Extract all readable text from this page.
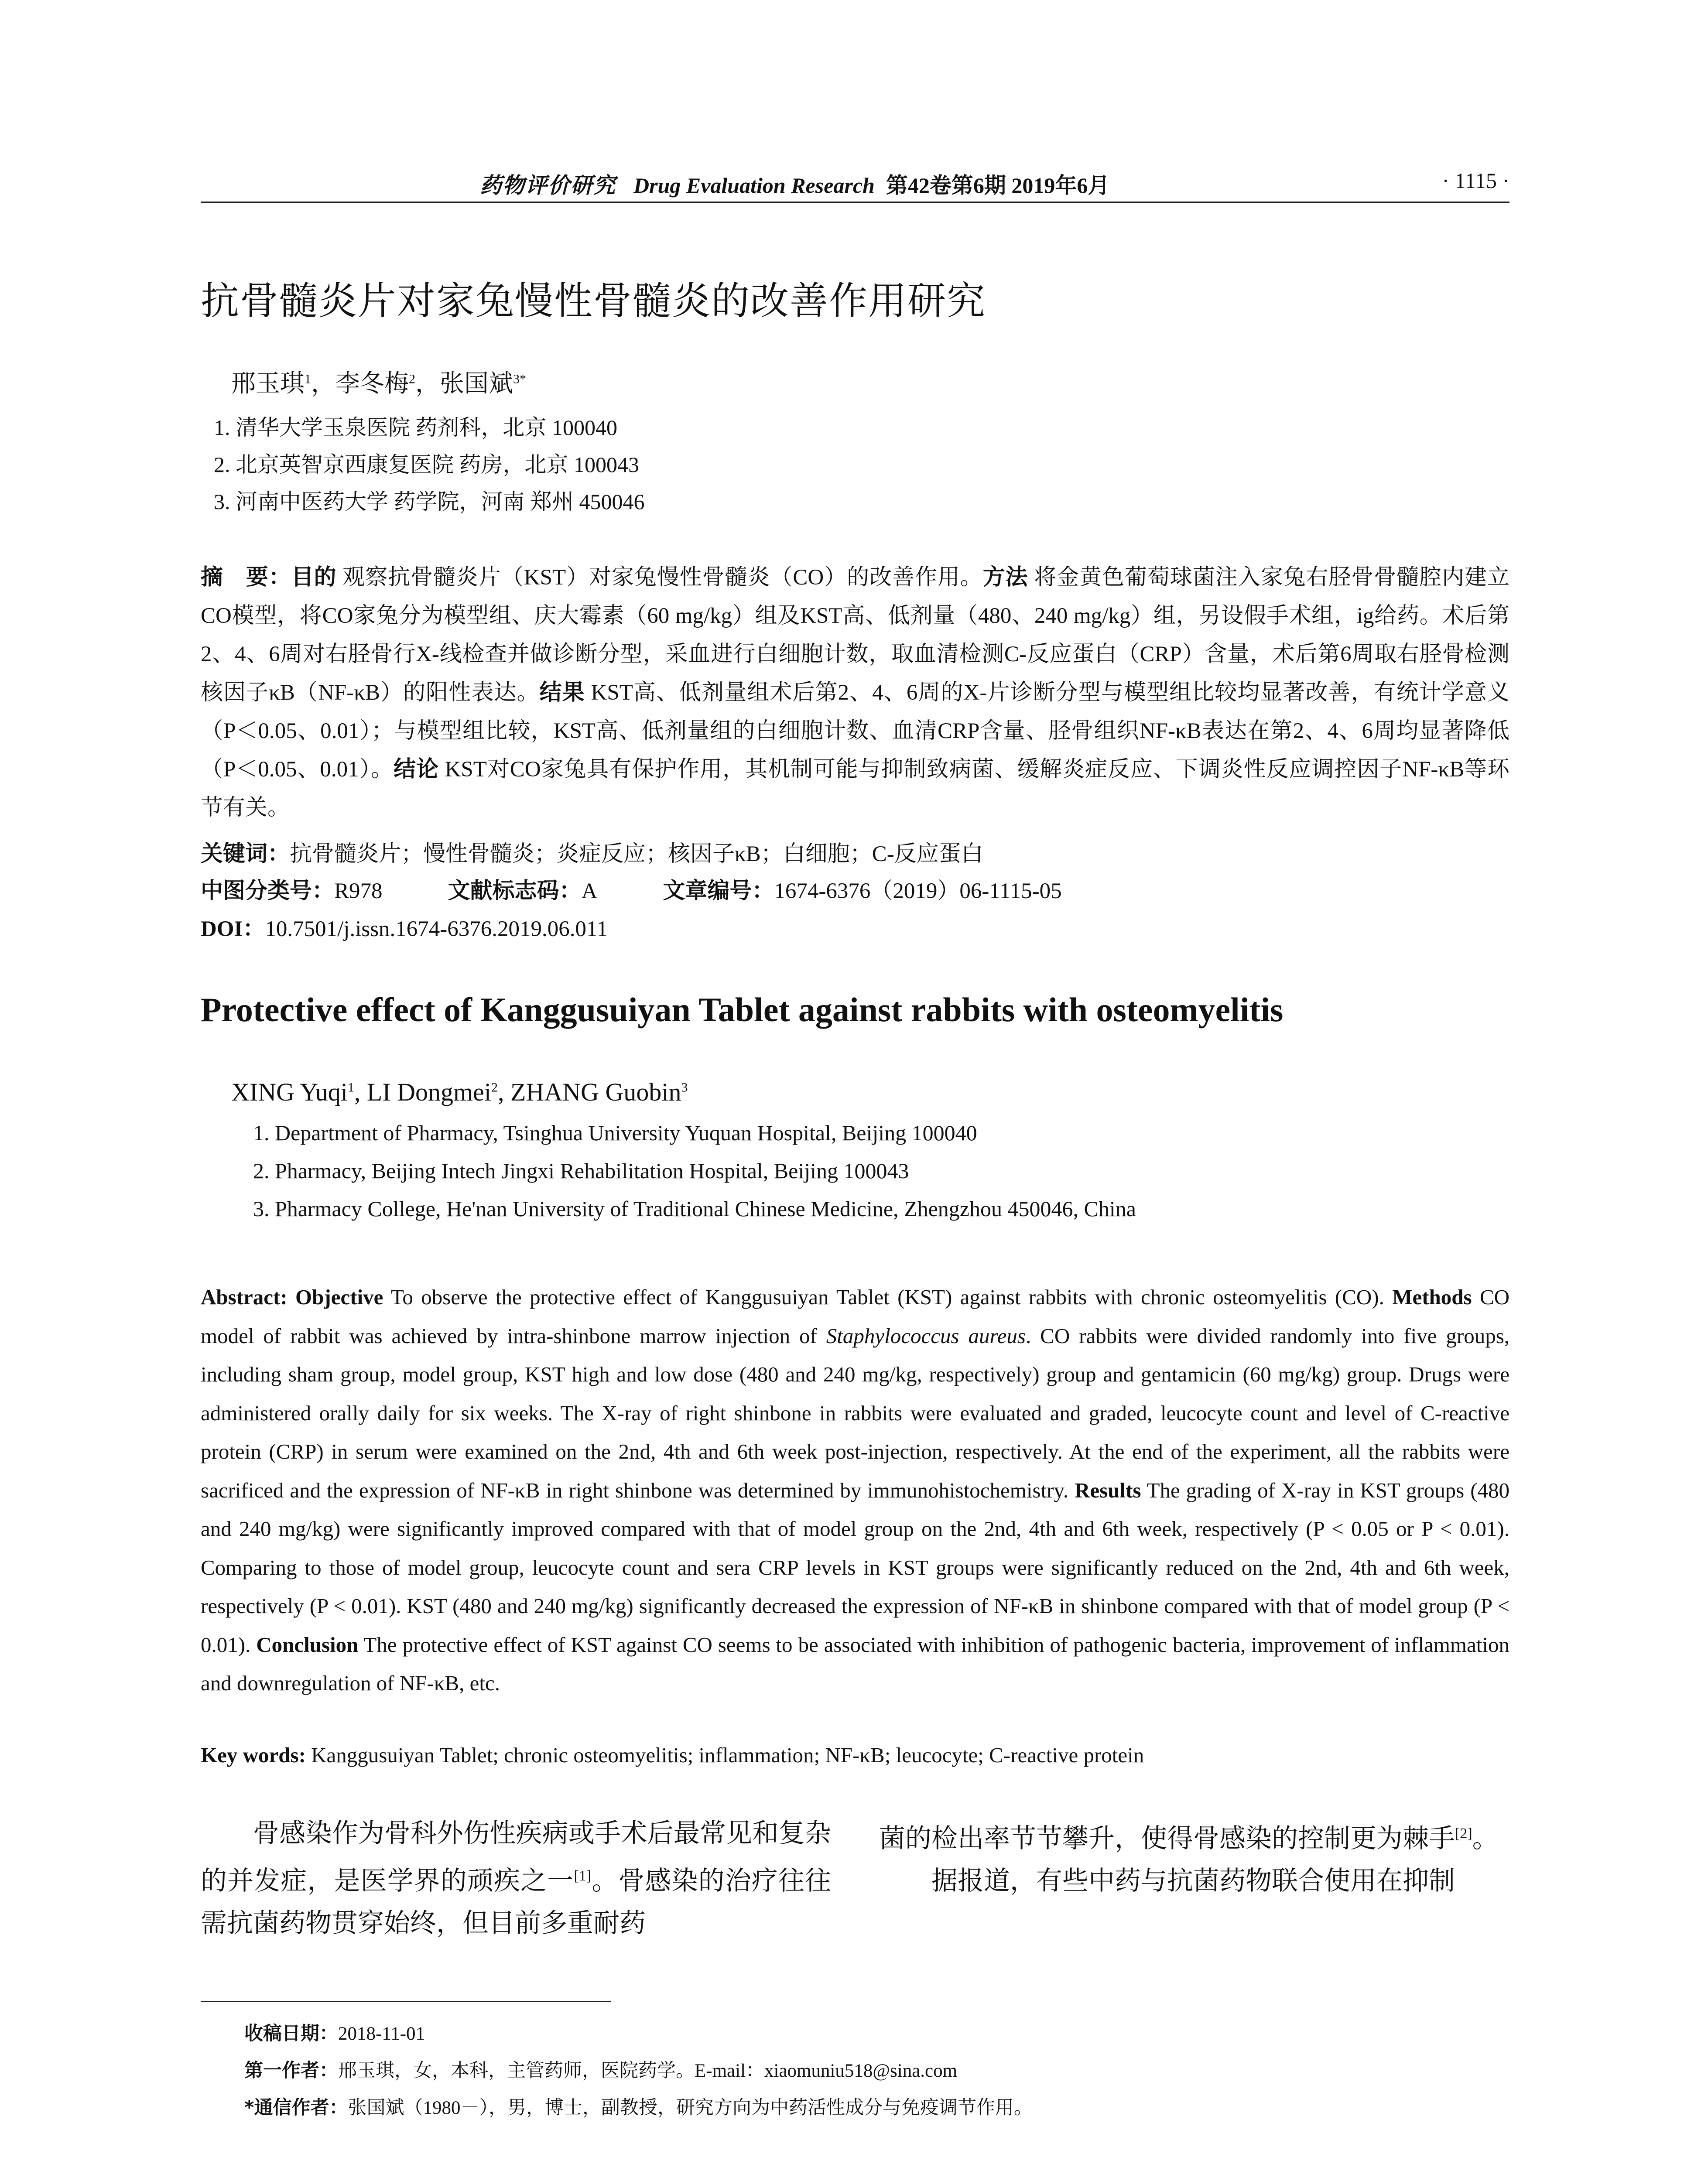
药物评价研究 Drug Evaluation Research 第42卷第6期 2019年6月	· 1115 ·
抗骨髓炎片对家兔慢性骨髓炎的改善作用研究
邢玉琪$^1$，李冬梅$^2$，张国斌$^{3*}$
1. 清华大学玉泉医院 药剂科，北京 100040
2. 北京英智京西康复医院 药房，北京 100043
3. 河南中医药大学 药学院，河南 郑州 450046
摘　要：目的 观察抗骨髓炎片（KST）对家兔慢性骨髓炎（CO）的改善作用。方法 将金黄色葡萄球菌注入家兔右胫骨骨髓腔内建立CO模型，将CO家兔分为模型组、庆大霉素（60 mg/kg）组及KST高、低剂量（480、240 mg/kg）组，另设假手术组，ig给药。术后第2、4、6周对右胫骨行X-线检查并做诊断分型，采血进行白细胞计数，取血清检测C-反应蛋白（CRP）含量，术后第6周取右胫骨检测核因子κB（NF-κB）的阳性表达。结果 KST高、低剂量组术后第2、4、6周的X-片诊断分型与模型组比较均显著改善，有统计学意义（P＜0.05、0.01）；与模型组比较，KST高、低剂量组的白细胞计数、血清CRP含量、胫骨组织NF-κB表达在第2、4、6周均显著降低（P＜0.05、0.01）。结论 KST对CO家兔具有保护作用，其机制可能与抑制致病菌、缓解炎症反应、下调炎性反应调控因子NF-κB等环节有关。
关键词：抗骨髓炎片；慢性骨髓炎；炎症反应；核因子κB；白细胞；C-反应蛋白
中图分类号：R978	文献标志码：A	文章编号：1674-6376（2019）06-1115-05
DOI：10.7501/j.issn.1674-6376.2019.06.011
Protective effect of Kanggusuiyan Tablet against rabbits with osteomyelitis
XING Yuqi$^1$, LI Dongmei$^2$, ZHANG Guobin$^3$
1. Department of Pharmacy, Tsinghua University Yuquan Hospital, Beijing 100040
2. Pharmacy, Beijing Intech Jingxi Rehabilitation Hospital, Beijing 100043
3. Pharmacy College, He'nan University of Traditional Chinese Medicine, Zhengzhou 450046, China
Abstract: Objective To observe the protective effect of Kanggusuiyan Tablet (KST) against rabbits with chronic osteomyelitis (CO). Methods CO model of rabbit was achieved by intra-shinbone marrow injection of Staphylococcus aureus. CO rabbits were divided randomly into five groups, including sham group, model group, KST high and low dose (480 and 240 mg/kg, respectively) group and gentamicin (60 mg/kg) group. Drugs were administered orally daily for six weeks. The X-ray of right shinbone in rabbits were evaluated and graded, leucocyte count and level of C-reactive protein (CRP) in serum were examined on the 2nd, 4th and 6th week post-injection, respectively. At the end of the experiment, all the rabbits were sacrificed and the expression of NF-κB in right shinbone was determined by immunohistochemistry. Results The grading of X-ray in KST groups (480 and 240 mg/kg) were significantly improved compared with that of model group on the 2nd, 4th and 6th week, respectively (P < 0.05 or P < 0.01). Comparing to those of model group, leucocyte count and sera CRP levels in KST groups were significantly reduced on the 2nd, 4th and 6th week, respectively (P < 0.01). KST (480 and 240 mg/kg) significantly decreased the expression of NF-κB in shinbone compared with that of model group (P < 0.01). Conclusion The protective effect of KST against CO seems to be associated with inhibition of pathogenic bacteria, improvement of inflammation and downregulation of NF-κB, etc.
Key words: Kanggusuiyan Tablet; chronic osteomyelitis; inflammation; NF-κB; leucocyte; C-reactive protein

骨感染作为骨科外伤性疾病或手术后最常见和复杂的并发症，是医学界的顽疾之一[1]。骨感染的治疗往往需抗菌药物贯穿始终，但目前多重耐药

菌的检出率节节攀升，使得骨感染的控制更为棘手[2]。

据报道，有些中药与抗菌药物联合使用在抑制

收稿日期：2018-11-01
第一作者：邢玉琪，女，本科，主管药师，医院药学。E-mail：xiaomuniu518@sina.com
*通信作者：张国斌（1980－），男，博士，副教授，研究方向为中药活性成分与免疫调节作用。
